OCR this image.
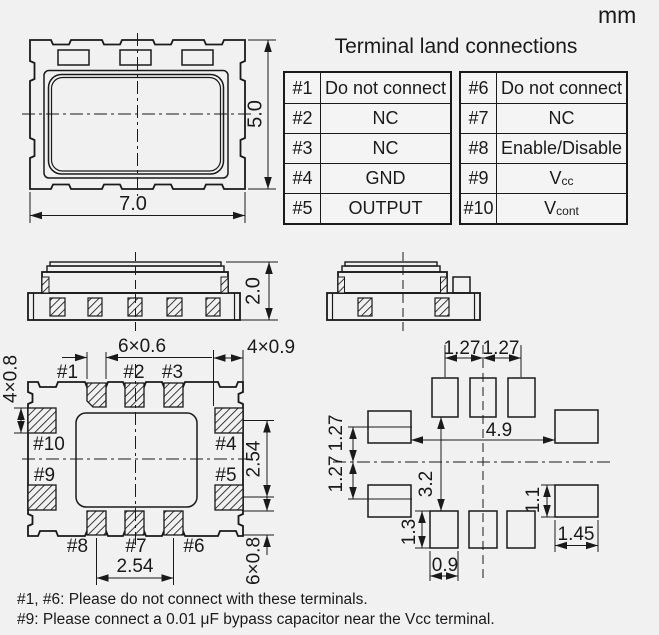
mm
Terminal land connections
#1 Do not connect
#2	NC
#3	NC
#4	GND
#5	OUTPUT
#6 Do not connect
#7	NC
#8 Enable/Disable
#9	V cc
#10	V cont
5.0
7.0
2.0
#1 #2 #3
#10	#4
#9	#5
#8 #7 #6
6×0.6	4×0.9
4×0.8
2.54
6×0.8
2.54
1.27 1.27
4.9
3.2
1.27
1.27
1.3
0.9
1.1
1.45
#1, #6: Please do not connect with these terminals.
#9: Please connect a 0.01 μF bypass capacitor near the Vcc terminal.
